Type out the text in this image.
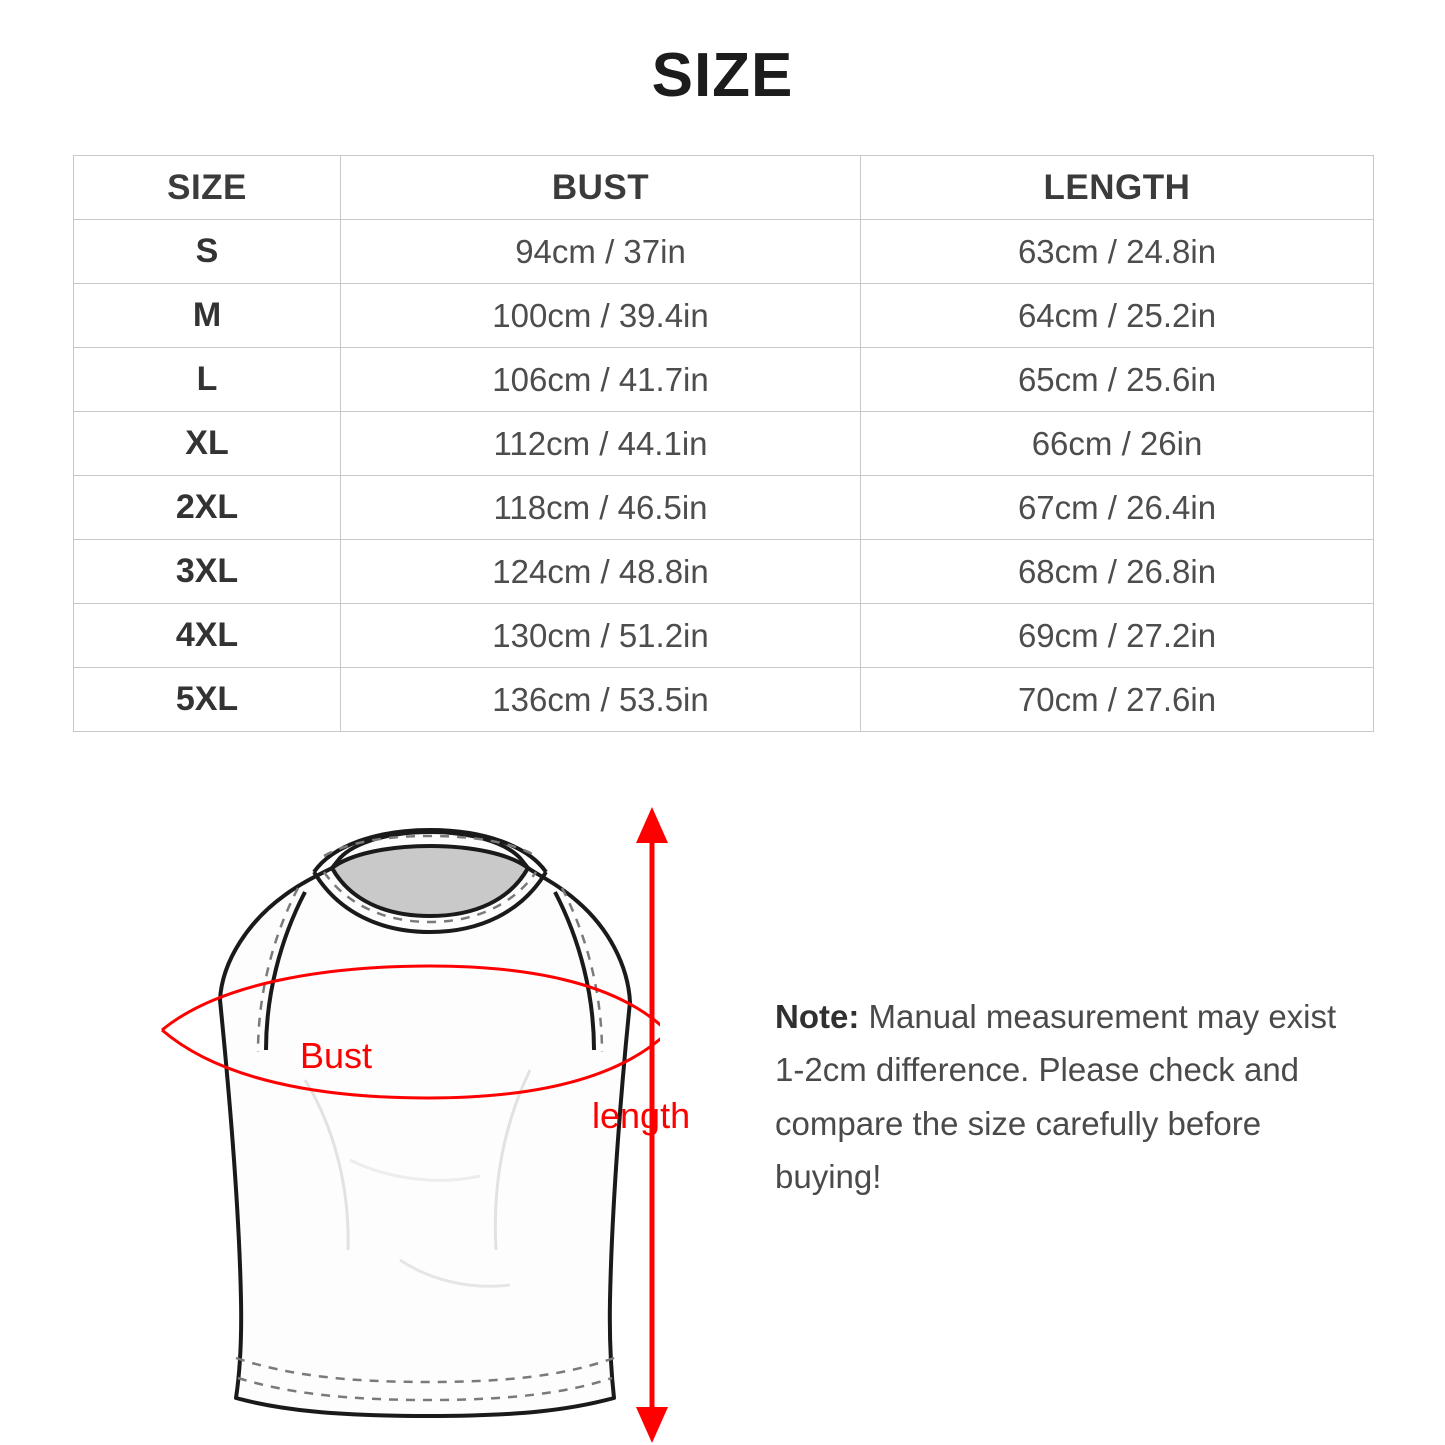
SIZE
SIZE	BUST	LENGTH
S	94cm / 37in	63cm / 24.8in
M	100cm / 39.4in	64cm / 25.2in
L	106cm / 41.7in	65cm / 25.6in
XL	112cm / 44.1in	66cm / 26in
2XL	118cm / 46.5in	67cm / 26.4in
3XL	124cm / 48.8in	68cm / 26.8in
4XL	130cm / 51.2in	69cm / 27.2in
5XL	136cm / 53.5in	70cm / 27.6in
Bust
length
Note: Manual measurement may exist 1-2cm difference. Please check and compare the size carefully before buying!
